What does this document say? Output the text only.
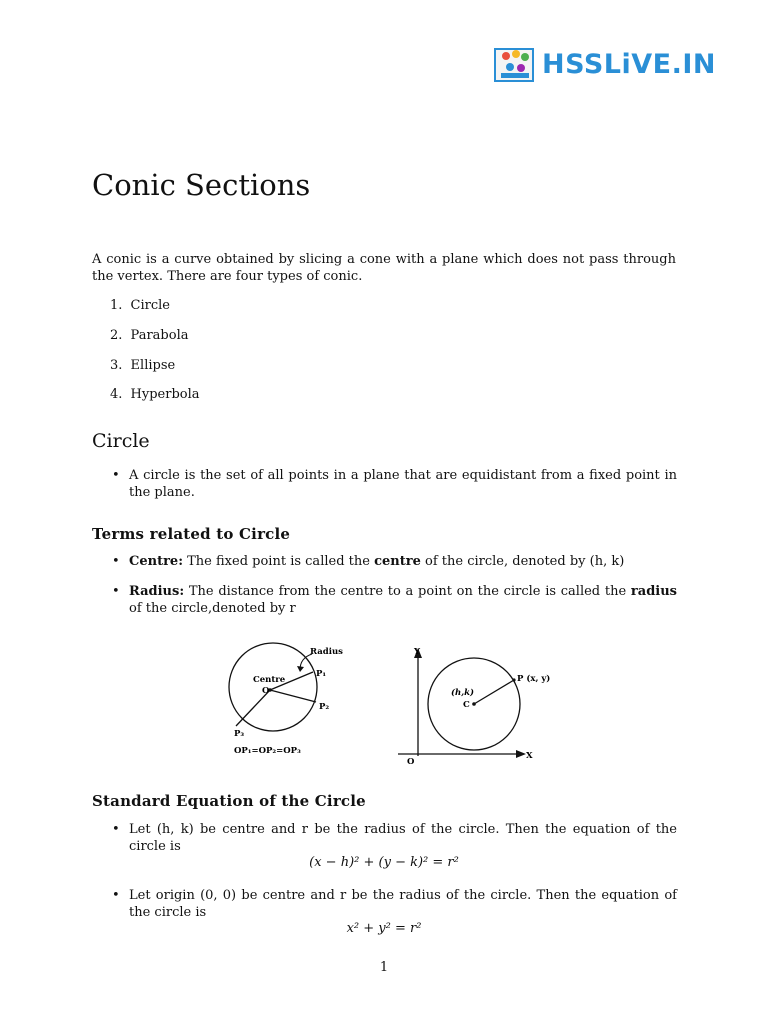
HSSLiVE.IN
Conic Sections
A conic is a curve obtained by slicing a cone with a plane which does not pass through the vertex. There are four types of conic.
1. Circle
2. Parabola
3. Ellipse
4. Hyperbola
Circle
• A circle is the set of all points in a plane that are equidistant from a fixed point in the plane.
Terms related to Circle
• Centre: The fixed point is called the centre of the circle, denoted by (h, k)
• Radius: The distance from the centre to a point on the circle is called the radius of the circle,denoted by r
Radius
Centre
O
P₁
P₂
P₃
OP₁=OP₂=OP₃
Y
X
O
C
(h,k)
P (x, y)
Standard Equation of the Circle
• Let (h, k) be centre and r be the radius of the circle. Then the equation of the circle is
(x − h)² + (y − k)² = r²
• Let origin (0, 0) be centre and r be the radius of the circle. Then the equation of the circle is
x² + y² = r²
1
